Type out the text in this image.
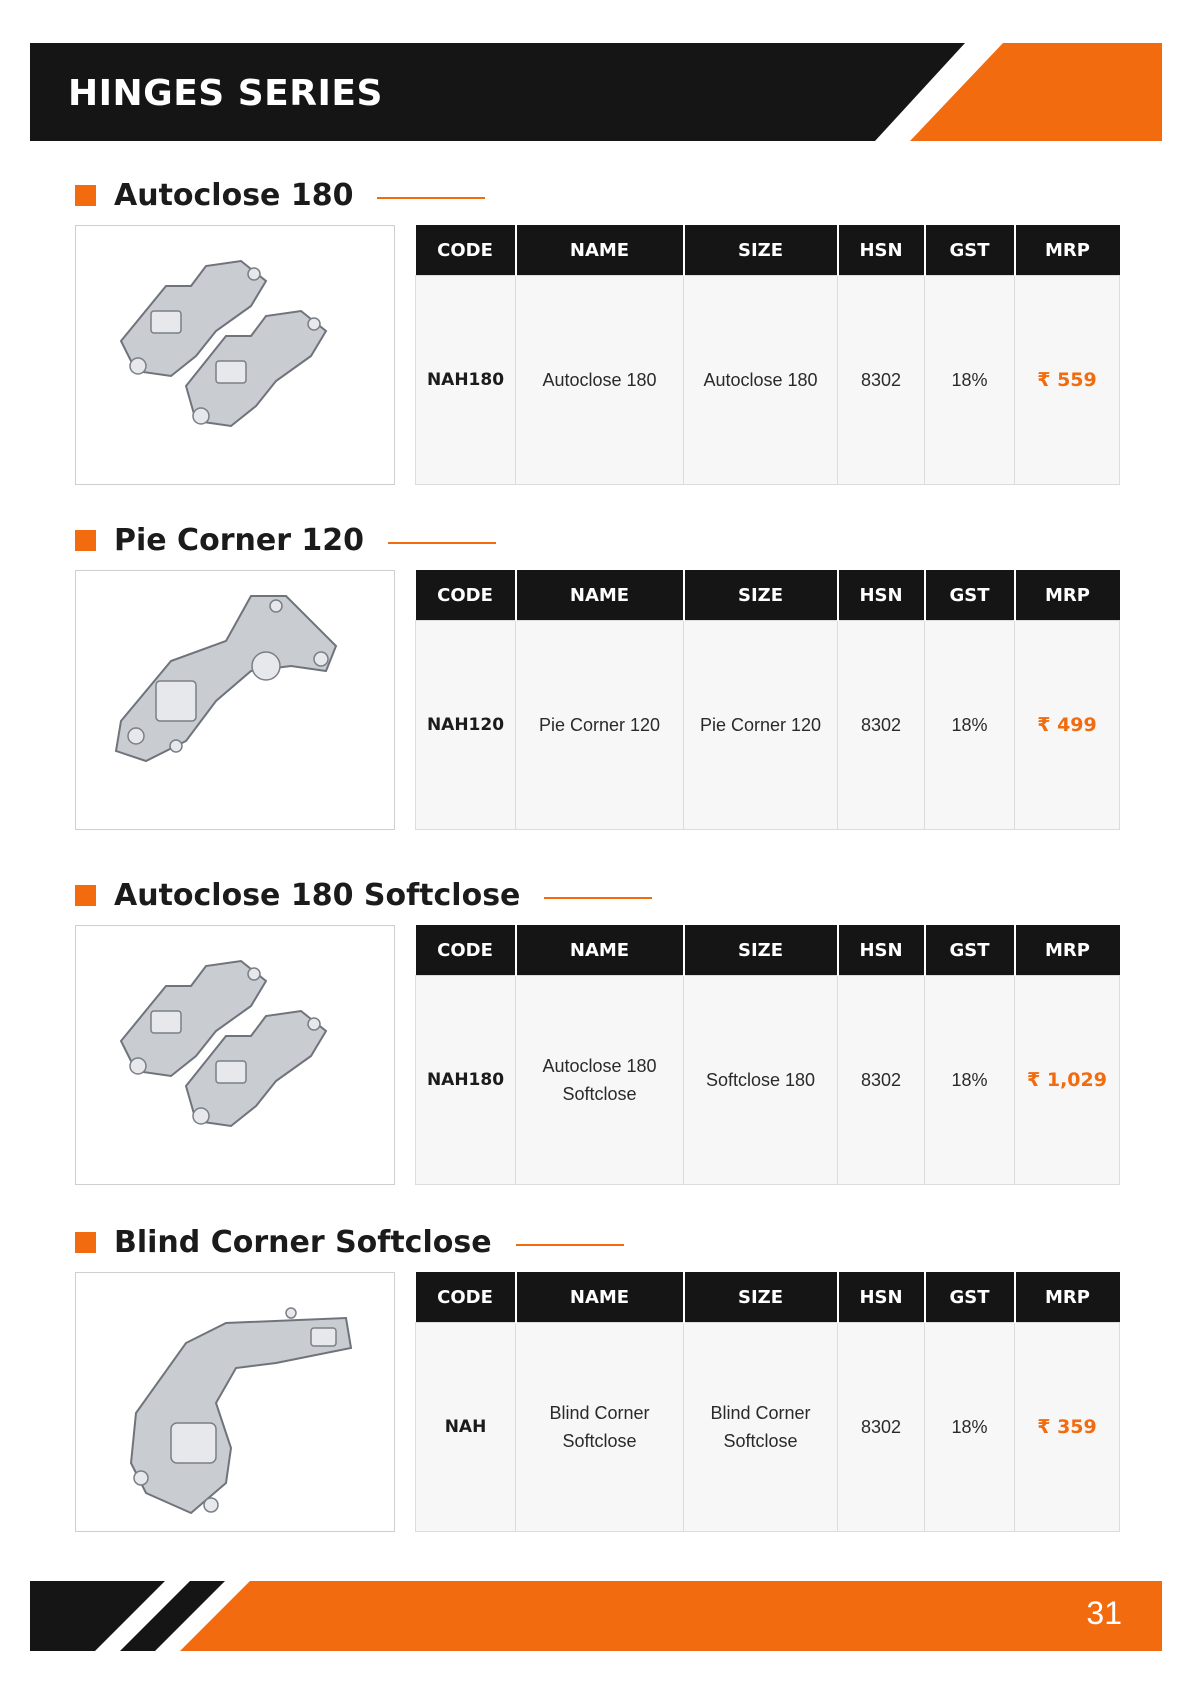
HINGES SERIES
Autoclose 180
CODE	NAME	SIZE	HSN	GST	MRP
NAH180	Autoclose 180	Autoclose 180	8302	18%	₹ 559
Pie Corner 120
CODE	NAME	SIZE	HSN	GST	MRP
NAH120	Pie Corner 120	Pie Corner 120	8302	18%	₹ 499
Autoclose 180 Softclose
CODE	NAME	SIZE	HSN	GST	MRP
NAH180	Autoclose 180 Softclose	Softclose 180	8302	18%	₹ 1,029
Blind Corner Softclose
CODE	NAME	SIZE	HSN	GST	MRP
NAH	Blind Corner Softclose	Blind Corner Softclose	8302	18%	₹ 359
31
